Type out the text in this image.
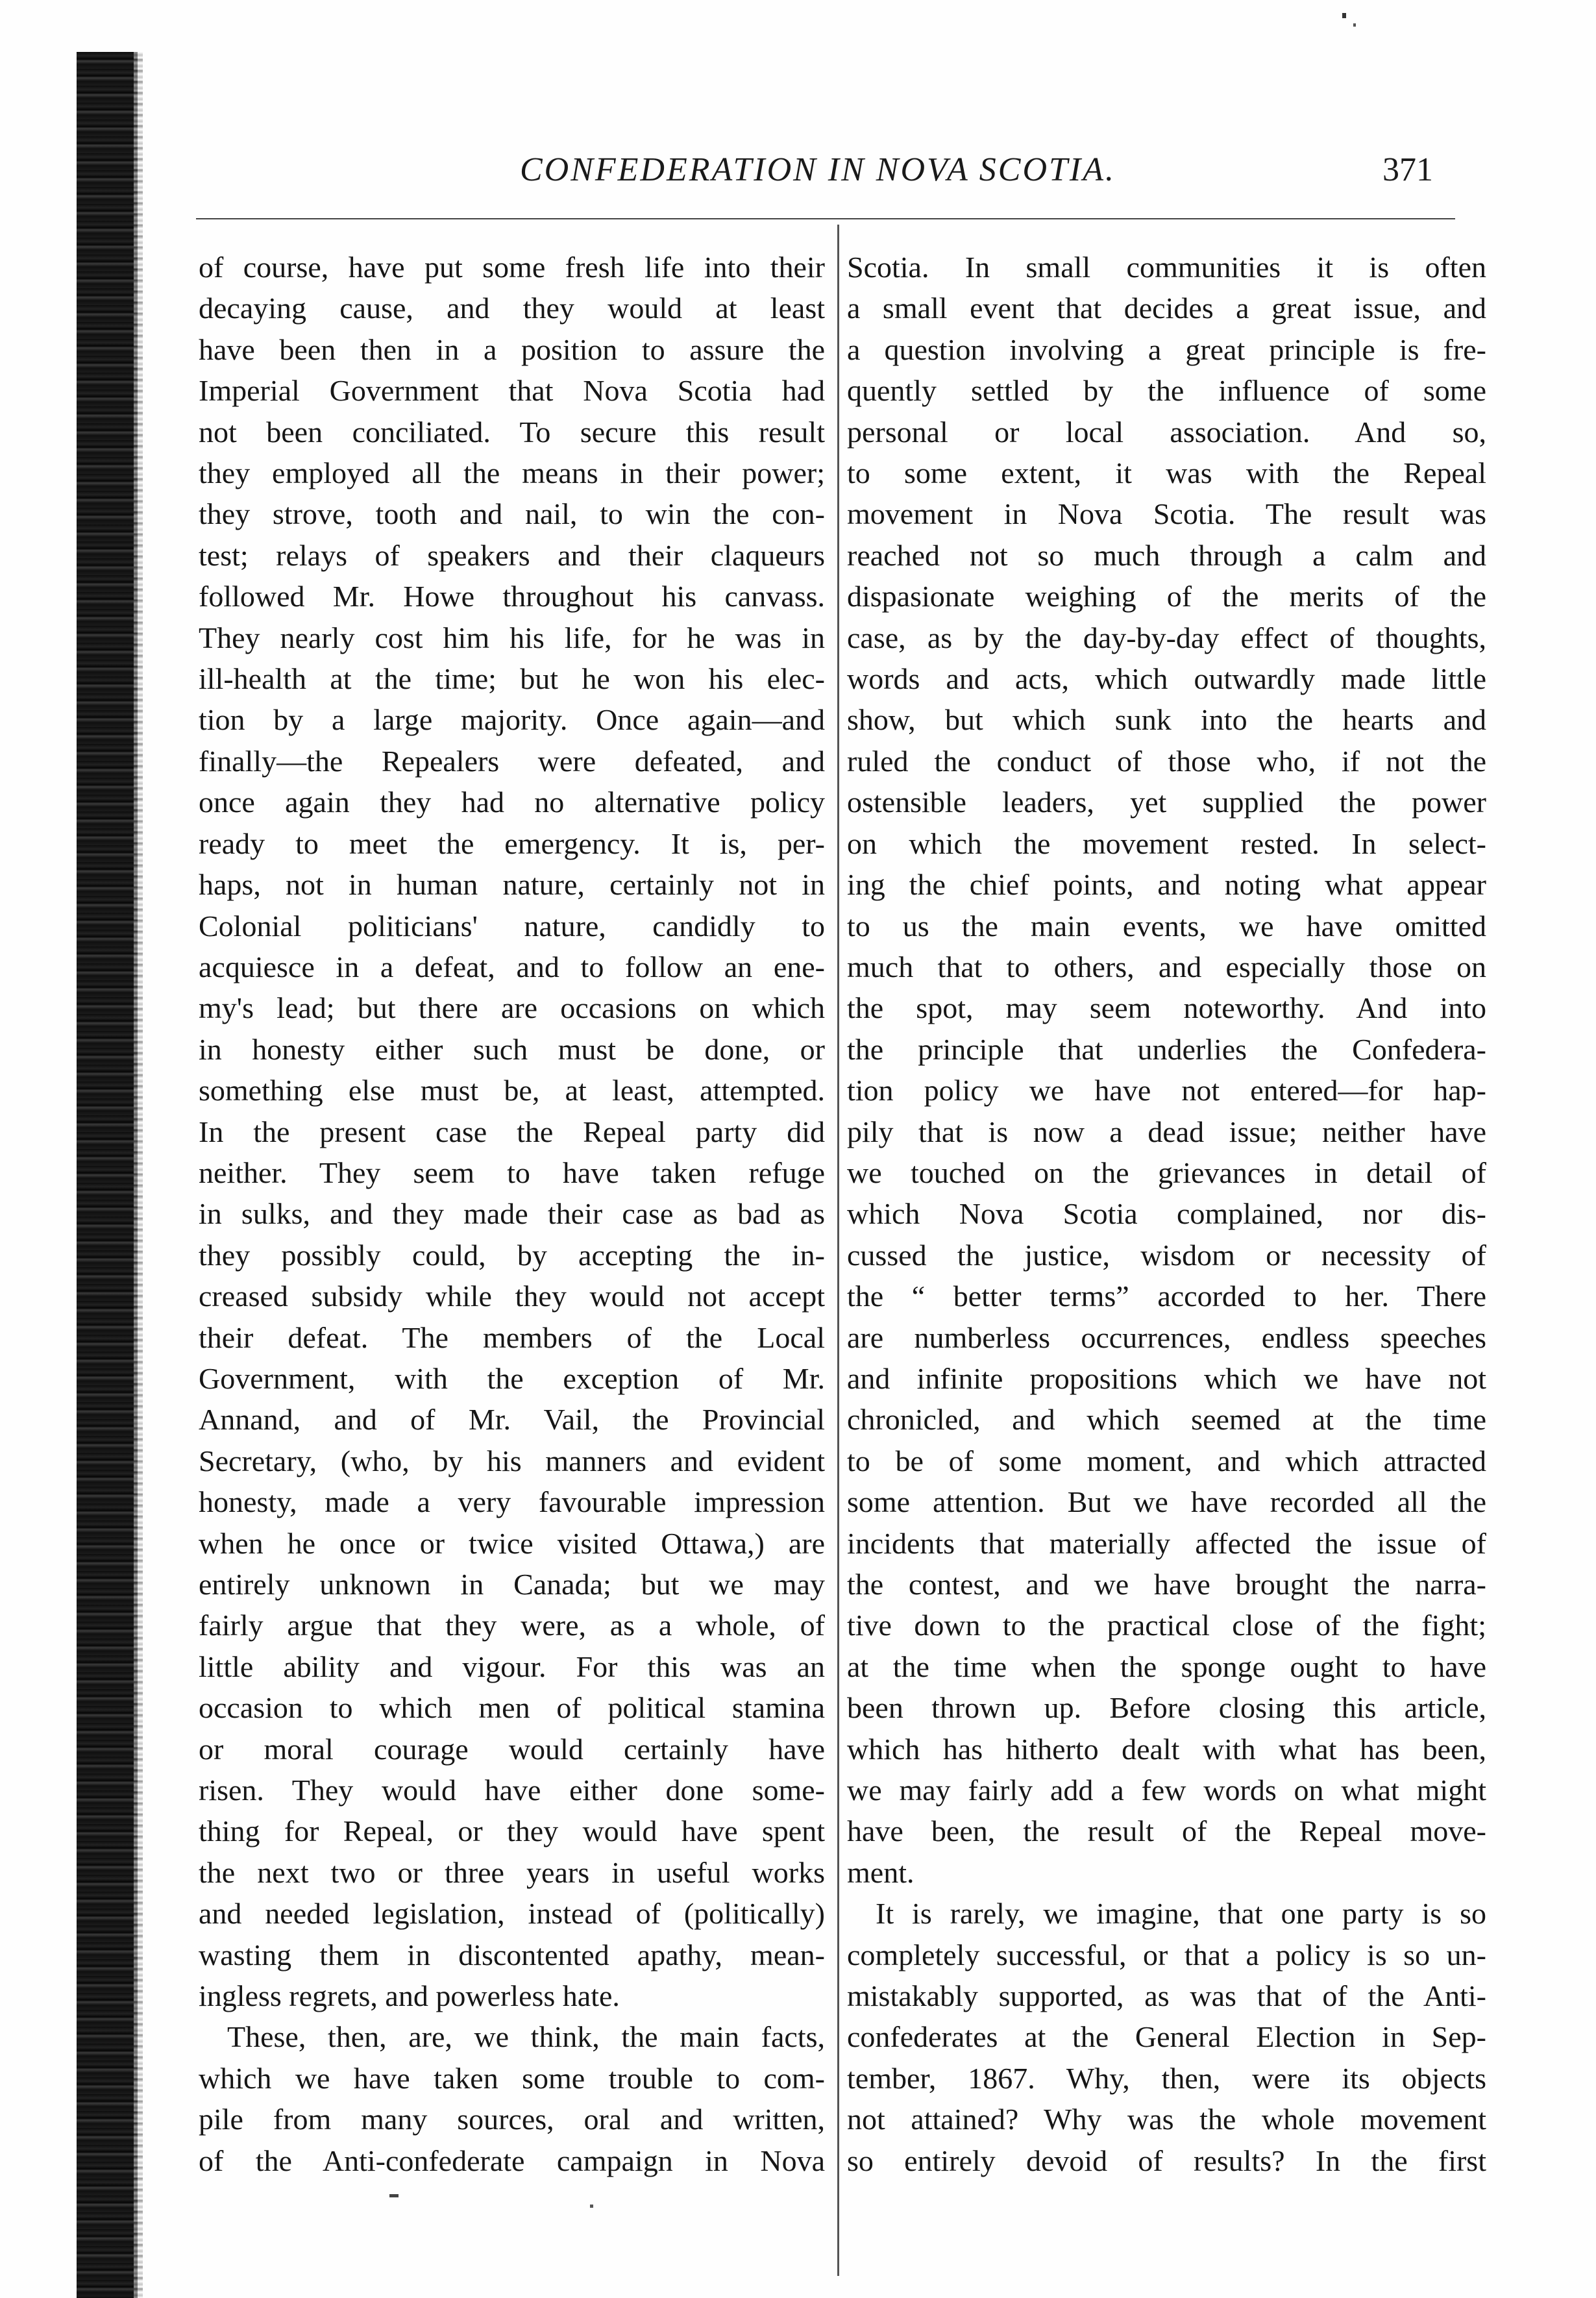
CONFEDERATION IN NOVA SCOTIA.	371
of course, have put some fresh life into their
decaying cause, and they would at least
have been then in a position to assure the
Imperial Government that Nova Scotia had
not been conciliated. To secure this result
they employed all the means in their power;
they strove, tooth and nail, to win the con-
test; relays of speakers and their claqueurs
followed Mr. Howe throughout his canvass.
They nearly cost him his life, for he was in
ill-health at the time; but he won his elec-
tion by a large majority. Once again—and
finally—the Repealers were defeated, and
once again they had no alternative policy
ready to meet the emergency. It is, per-
haps, not in human nature, certainly not in
Colonial politicians' nature, candidly to
acquiesce in a defeat, and to follow an ene-
my's lead; but there are occasions on which
in honesty either such must be done, or
something else must be, at least, attempted.
In the present case the Repeal party did
neither. They seem to have taken refuge
in sulks, and they made their case as bad as
they possibly could, by accepting the in-
creased subsidy while they would not accept
their defeat. The members of the Local
Government, with the exception of Mr.
Annand, and of Mr. Vail, the Provincial
Secretary, (who, by his manners and evident
honesty, made a very favourable impression
when he once or twice visited Ottawa,) are
entirely unknown in Canada; but we may
fairly argue that they were, as a whole, of
little ability and vigour. For this was an
occasion to which men of political stamina
or moral courage would certainly have
risen. They would have either done some-
thing for Repeal, or they would have spent
the next two or three years in useful works
and needed legislation, instead of (politically)
wasting them in discontented apathy, mean-
ingless regrets, and powerless hate.
These, then, are, we think, the main facts,
which we have taken some trouble to com-
pile from many sources, oral and written,
of the Anti-confederate campaign in Nova
Scotia. In small communities it is often
a small event that decides a great issue, and
a question involving a great principle is fre-
quently settled by the influence of some
personal or local association. And so,
to some extent, it was with the Repeal
movement in Nova Scotia. The result was
reached not so much through a calm and
dispasionate weighing of the merits of the
case, as by the day-by-day effect of thoughts,
words and acts, which outwardly made little
show, but which sunk into the hearts and
ruled the conduct of those who, if not the
ostensible leaders, yet supplied the power
on which the movement rested. In select-
ing the chief points, and noting what appear
to us the main events, we have omitted
much that to others, and especially those on
the spot, may seem noteworthy. And into
the principle that underlies the Confedera-
tion policy we have not entered—for hap-
pily that is now a dead issue; neither have
we touched on the grievances in detail of
which Nova Scotia complained, nor dis-
cussed the justice, wisdom or necessity of
the “ better terms” accorded to her. There
are numberless occurrences, endless speeches
and infinite propositions which we have not
chronicled, and which seemed at the time
to be of some moment, and which attracted
some attention. But we have recorded all the
incidents that materially affected the issue of
the contest, and we have brought the narra-
tive down to the practical close of the fight;
at the time when the sponge ought to have
been thrown up. Before closing this article,
which has hitherto dealt with what has been,
we may fairly add a few words on what might
have been, the result of the Repeal move-
ment.
It is rarely, we imagine, that one party is so
completely successful, or that a policy is so un-
mistakably supported, as was that of the Anti-
confederates at the General Election in Sep-
tember, 1867. Why, then, were its objects
not attained? Why was the whole movement
so entirely devoid of results? In the first
